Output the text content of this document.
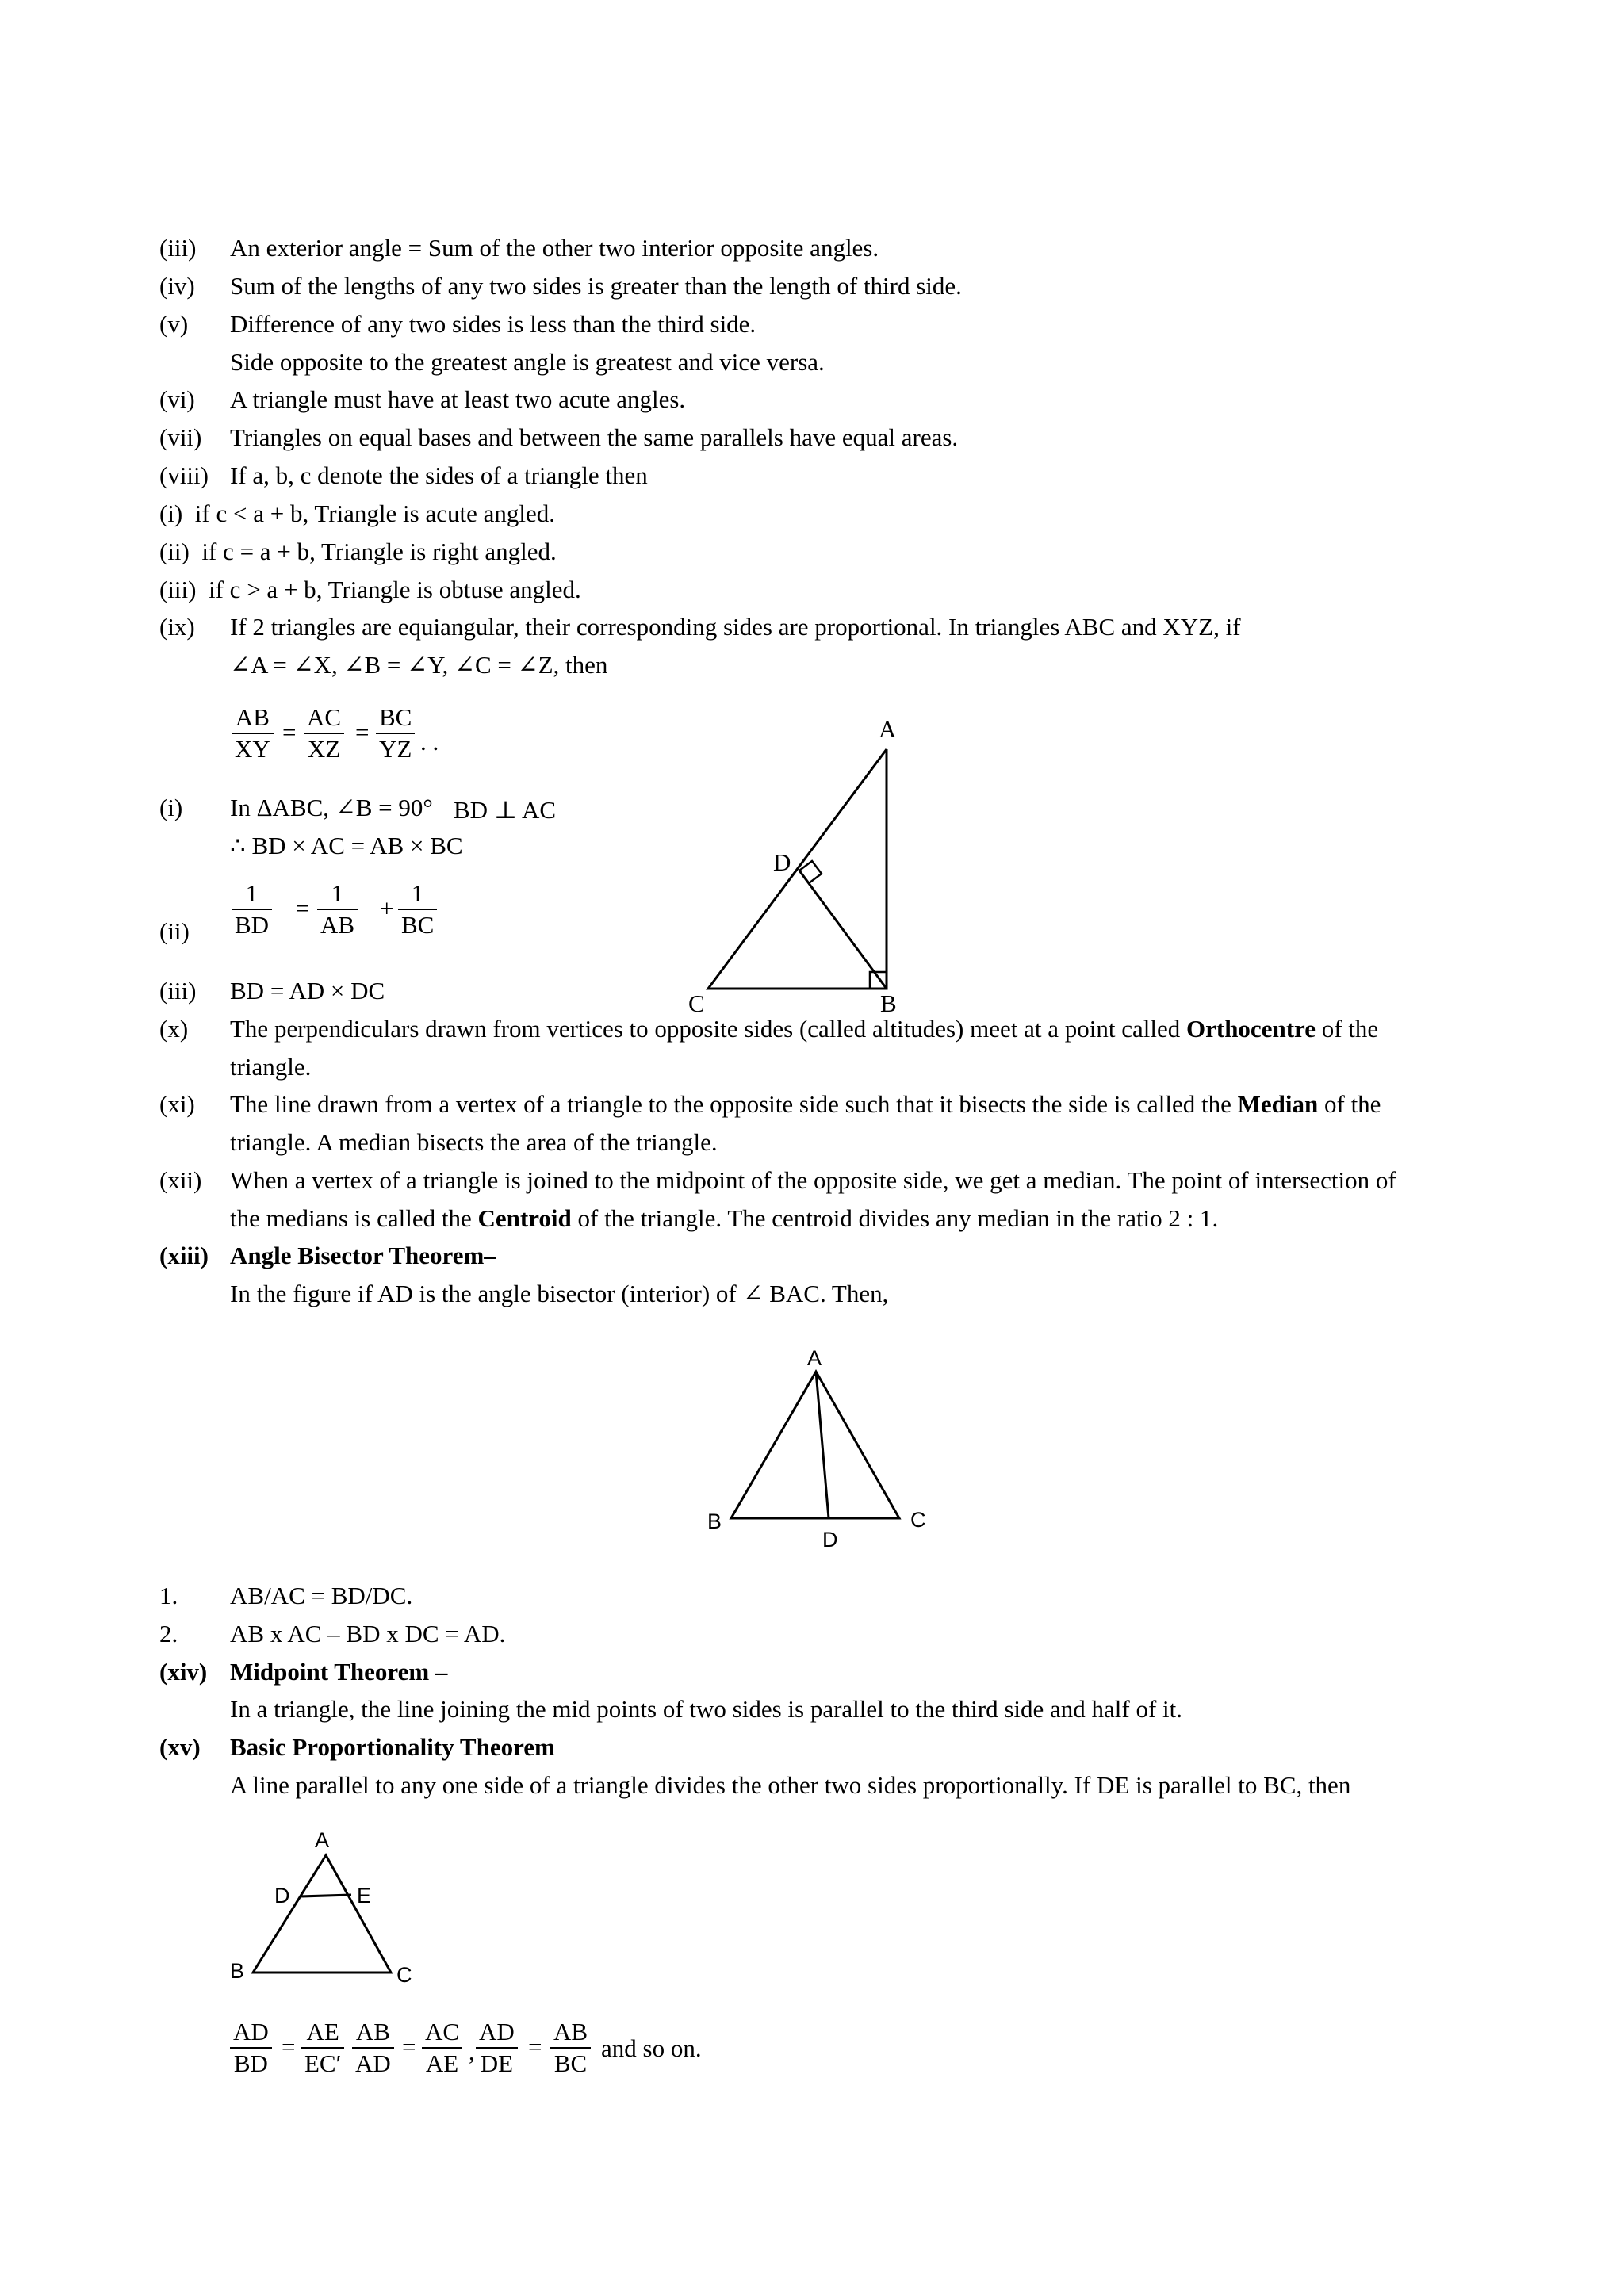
(iii) An exterior angle = Sum of the other two interior opposite angles.
(iv) Sum of the lengths of any two sides is greater than the length of third side.
(v) Difference of any two sides is less than the third side.
Side opposite to the greatest angle is greatest and vice versa.
(vi) A triangle must have at least two acute angles.
(vii) Triangles on equal bases and between the same parallels have equal areas.
(viii) If a, b, c denote the sides of a triangle then
(i) if c < a + b, Triangle is acute angled.
(ii) if c = a + b, Triangle is right angled.
(iii) if c > a + b, Triangle is obtuse angled.
(ix) If 2 triangles are equiangular, their corresponding sides are proportional. In triangles ABC and XYZ, if
∠A = ∠X, ∠B = ∠Y, ∠C = ∠Z, then
$\frac{AB}{XY} = \frac{AC}{XZ} = \frac{BC}{YZ}$ . .
(i) In ΔABC, ∠B = 90° BD ⊥ AC
∴ BD × AC = AB × BC
$(ii) \frac{1}{BD} = \frac{1}{AB} + \frac{1}{BC}$
(iii) BD = AD × DC
A
B
C
D
(x) The perpendiculars drawn from vertices to opposite sides (called altitudes) meet at a point called Orthocentre of the
triangle.
(xi) The line drawn from a vertex of a triangle to the opposite side such that it bisects the side is called the Median of the
triangle. A median bisects the area of the triangle.
(xii) When a vertex of a triangle is joined to the midpoint of the opposite side, we get a median. The point of intersection of
the medians is called the Centroid of the triangle. The centroid divides any median in the ratio 2 : 1.
(xiii) Angle Bisector Theorem–
In the figure if AD is the angle bisector (interior) of ∠ BAC. Then,
A
B	C
D
1. AB/AC = BD/DC.
2. AB x AC – BD x DC = AD.
(xiv) Midpoint Theorem –
In a triangle, the line joining the mid points of two sides is parallel to the third side and half of it.
(xv) Basic Proportionality Theorem
A line parallel to any one side of a triangle divides the other two sides proportionally. If DE is parallel to BC, then
A
D	E
B	C
$\frac{AD}{BD} = \frac{AE}{EC'} \frac{AB}{AD} = \frac{AC}{AE}$ , $\frac{AD}{DE} = \frac{AB}{BC}$ and so on.
